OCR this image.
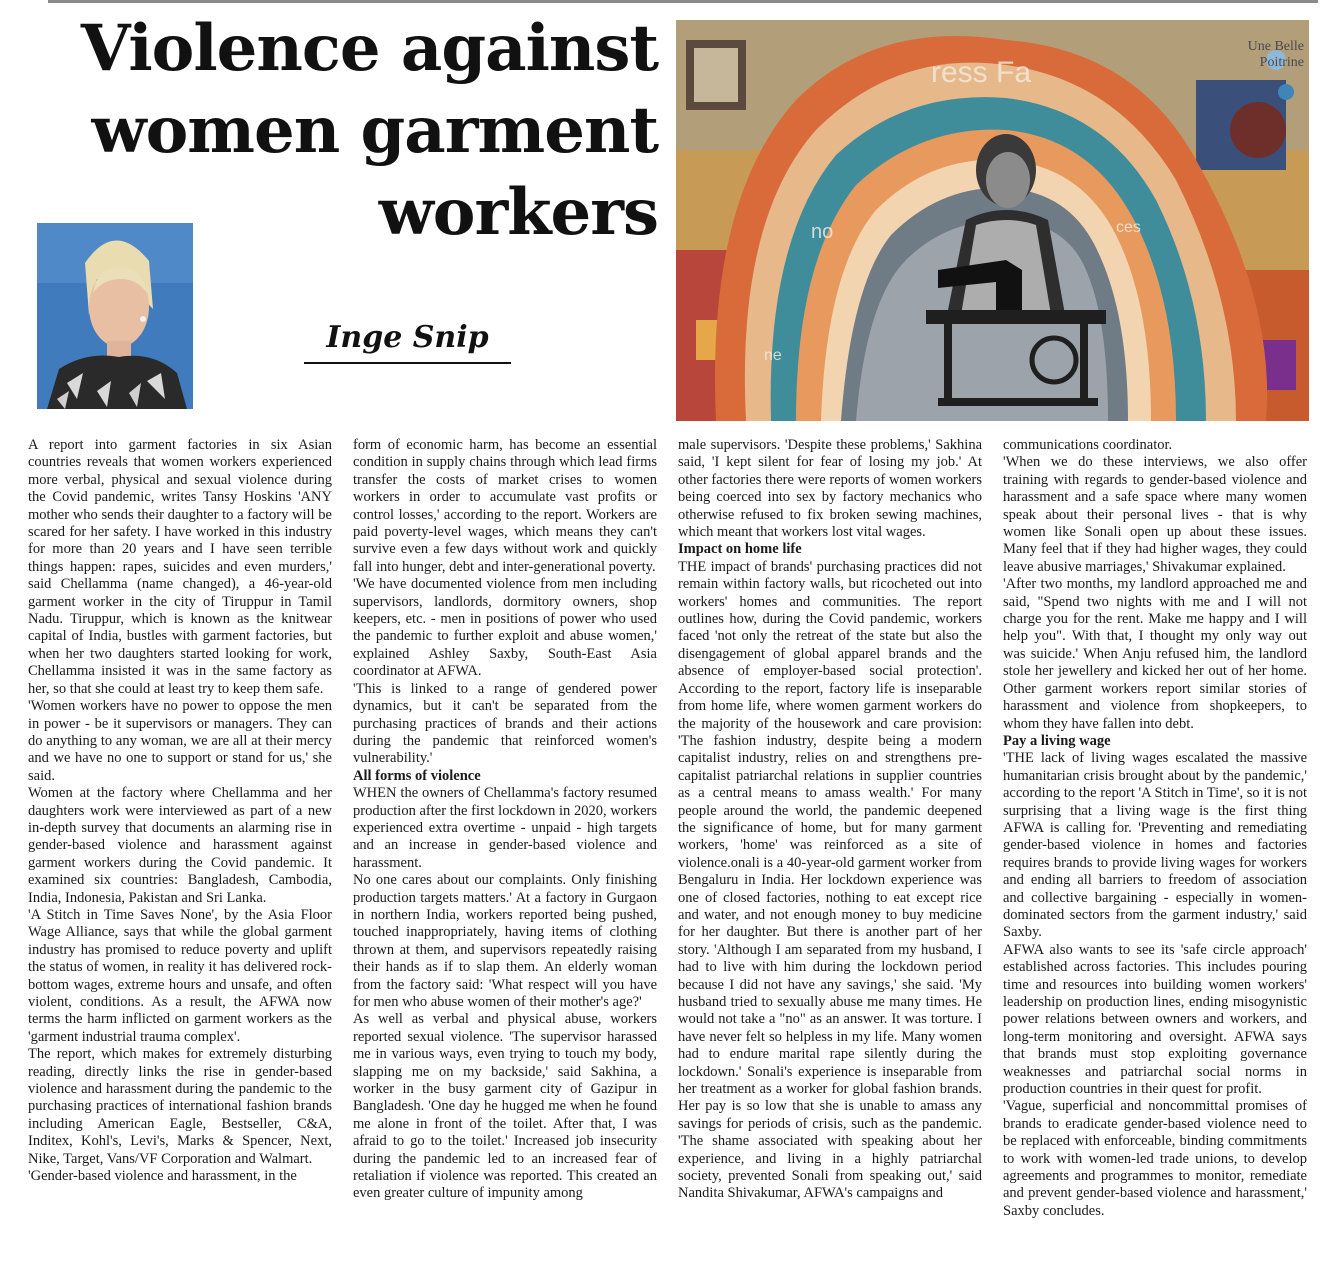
Violence against women garment workers
Inge Snip
Une Belle Poitrine
ress Fa
no	ces
ne

A report into garment factories in six Asian countries reveals that women workers experienced more verbal, physical and sexual violence during the Covid pandemic, writes Tansy Hoskins 'ANY mother who sends their daughter to a factory will be scared for her safety. I have worked in this industry for more than 20 years and I have seen terrible things happen: rapes, suicides and even murders,' said Chellamma (name changed), a 46-year-old garment worker in the city of Tiruppur in Tamil Nadu. Tiruppur, which is known as the knitwear capital of India, bustles with garment factories, but when her two daughters started looking for work, Chellamma insisted it was in the same factory as her, so that she could at least try to keep them safe.

'Women workers have no power to oppose the men in power - be it supervisors or managers. They can do anything to any woman, we are all at their mercy and we have no one to support or stand for us,' she said.

Women at the factory where Chellamma and her daughters work were interviewed as part of a new in-depth survey that documents an alarming rise in gender-based violence and harassment against garment workers during the Covid pandemic. It examined six countries: Bangladesh, Cambodia, India, Indonesia, Pakistan and Sri Lanka.

'A Stitch in Time Saves None', by the Asia Floor Wage Alliance, says that while the global garment industry has promised to reduce poverty and uplift the status of women, in reality it has delivered rock-bottom wages, extreme hours and unsafe, and often violent, conditions. As a result, the AFWA now terms the harm inflicted on garment workers as the 'garment industrial trauma complex'.

The report, which makes for extremely disturbing reading, directly links the rise in gender-based violence and harassment during the pandemic to the purchasing practices of international fashion brands including American Eagle, Bestseller, C&A, Inditex, Kohl's, Levi's, Marks & Spencer, Next, Nike, Target, Vans/VF Corporation and Walmart.

'Gender-based violence and harassment, in the

form of economic harm, has become an essential condition in supply chains through which lead firms transfer the costs of market crises to women workers in order to accumulate vast profits or control losses,' according to the report. Workers are paid poverty-level wages, which means they can't survive even a few days without work and quickly fall into hunger, debt and inter-generational poverty.

'We have documented violence from men including supervisors, landlords, dormitory owners, shop keepers, etc. - men in positions of power who used the pandemic to further exploit and abuse women,' explained Ashley Saxby, South-East Asia coordinator at AFWA.

'This is linked to a range of gendered power dynamics, but it can't be separated from the purchasing practices of brands and their actions during the pandemic that reinforced women's vulnerability.'

All forms of violence

WHEN the owners of Chellamma's factory resumed production after the first lockdown in 2020, workers experienced extra overtime - unpaid - high targets and an increase in gender-based violence and harassment.

No one cares about our complaints. Only finishing production targets matters.' At a factory in Gurgaon in northern India, workers reported being pushed, touched inappropriately, having items of clothing thrown at them, and supervisors repeatedly raising their hands as if to slap them. An elderly woman from the factory said: 'What respect will you have for men who abuse women of their mother's age?'

As well as verbal and physical abuse, workers reported sexual violence. 'The supervisor harassed me in various ways, even trying to touch my body, slapping me on my backside,' said Sakhina, a worker in the busy garment city of Gazipur in Bangladesh. 'One day he hugged me when he found me alone in front of the toilet. After that, I was afraid to go to the toilet.' Increased job insecurity during the pandemic led to an increased fear of retaliation if violence was reported. This created an even greater culture of impunity among

male supervisors. 'Despite these problems,' Sakhina said, 'I kept silent for fear of losing my job.' At other factories there were reports of women workers being coerced into sex by factory mechanics who otherwise refused to fix broken sewing machines, which meant that workers lost vital wages.

Impact on home life

THE impact of brands' purchasing practices did not remain within factory walls, but ricocheted out into workers' homes and communities. The report outlines how, during the Covid pandemic, workers faced 'not only the retreat of the state but also the disengagement of global apparel brands and the absence of employer-based social protection'. According to the report, factory life is inseparable from home life, where women garment workers do the majority of the housework and care provision: 'The fashion industry, despite being a modern capitalist industry, relies on and strengthens pre-capitalist patriarchal relations in supplier countries as a central means to amass wealth.' For many people around the world, the pandemic deepened the significance of home, but for many garment workers, 'home' was reinforced as a site of violence.onali is a 40-year-old garment worker from Bengaluru in India. Her lockdown experience was one of closed factories, nothing to eat except rice and water, and not enough money to buy medicine for her daughter. But there is another part of her story. 'Although I am separated from my husband, I had to live with him during the lockdown period because I did not have any savings,' she said. 'My husband tried to sexually abuse me many times. He would not take a "no" as an answer. It was torture. I have never felt so helpless in my life. Many women had to endure marital rape silently during the lockdown.' Sonali's experience is inseparable from her treatment as a worker for global fashion brands. Her pay is so low that she is unable to amass any savings for periods of crisis, such as the pandemic. 'The shame associated with speaking about her experience, and living in a highly patriarchal society, prevented Sonali from speaking out,' said Nandita Shivakumar, AFWA's campaigns and

communications coordinator.

'When we do these interviews, we also offer training with regards to gender-based violence and harassment and a safe space where many women speak about their personal lives - that is why women like Sonali open up about these issues. Many feel that if they had higher wages, they could leave abusive marriages,' Shivakumar explained.

'After two months, my landlord approached me and said, "Spend two nights with me and I will not charge you for the rent. Make me happy and I will help you". With that, I thought my only way out was suicide.' When Anju refused him, the landlord stole her jewellery and kicked her out of her home. Other garment workers report similar stories of harassment and violence from shopkeepers, to whom they have fallen into debt.

Pay a living wage

'THE lack of living wages escalated the massive humanitarian crisis brought about by the pandemic,' according to the report 'A Stitch in Time', so it is not surprising that a living wage is the first thing AFWA is calling for. 'Preventing and remediating gender-based violence in homes and factories requires brands to provide living wages for workers and ending all barriers to freedom of association and collective bargaining - especially in women-dominated sectors from the garment industry,' said Saxby.

AFWA also wants to see its 'safe circle approach' established across factories. This includes pouring time and resources into building women workers' leadership on production lines, ending misogynistic power relations between owners and workers, and long-term monitoring and oversight. AFWA says that brands must stop exploiting governance weaknesses and patriarchal social norms in production countries in their quest for profit.

'Vague, superficial and noncommittal promises of brands to eradicate gender-based violence need to be replaced with enforceable, binding commitments to work with women-led trade unions, to develop agreements and programmes to monitor, remediate and prevent gender-based violence and harassment,' Saxby concludes.
